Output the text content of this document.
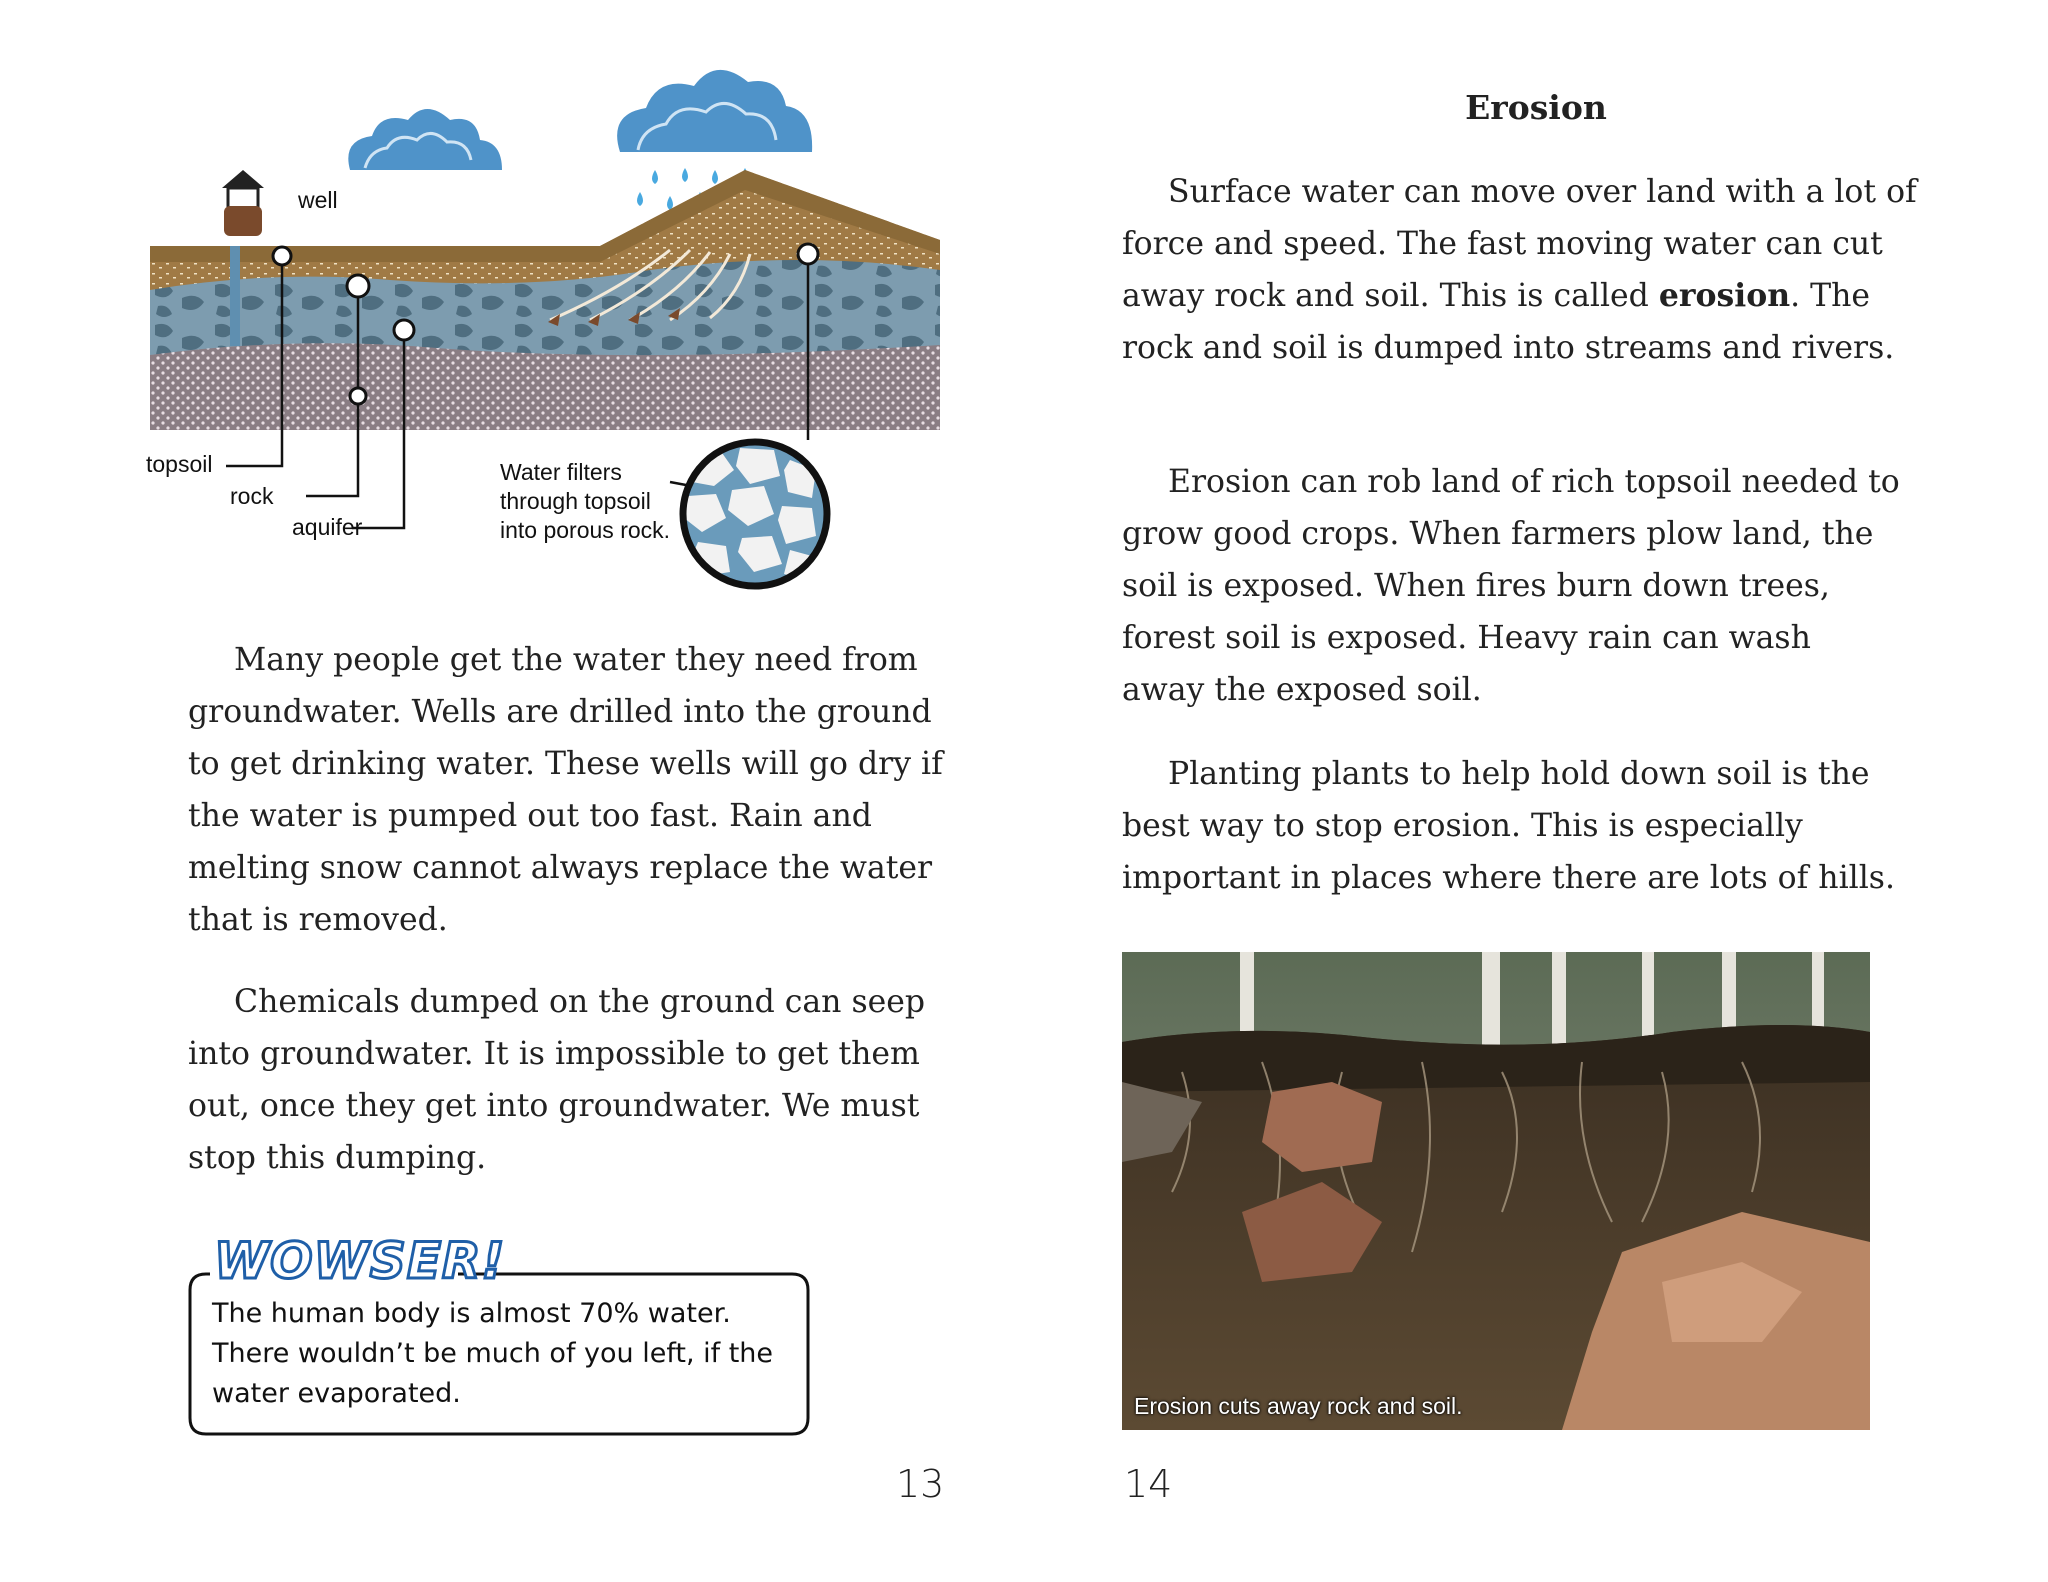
well
topsoil
rock
aquifer
Water filters
through topsoil
into porous rock.

Many people get the water they need from groundwater. Wells are drilled into the ground to get drinking water. These wells will go dry if the water is pumped out too fast. Rain and melting snow cannot always replace the water that is removed.

Chemicals dumped on the ground can seep into groundwater. It is impossible to get them out, once they get into groundwater. We must stop this dumping.

WOWSER!
The human body is almost 70% water. There wouldn’t be much of you left, if the water evaporated.
13
Erosion

Surface water can move over land with a lot of force and speed. The fast moving water can cut away rock and soil. This is called erosion. The rock and soil is dumped into streams and rivers.

Erosion can rob land of rich topsoil needed to grow good crops. When farmers plow land, the soil is exposed. When fires burn down trees, forest soil is exposed. Heavy rain can wash away the exposed soil.

Planting plants to help hold down soil is the best way to stop erosion. This is especially important in places where there are lots of hills.

Erosion cuts away rock and soil.
14
